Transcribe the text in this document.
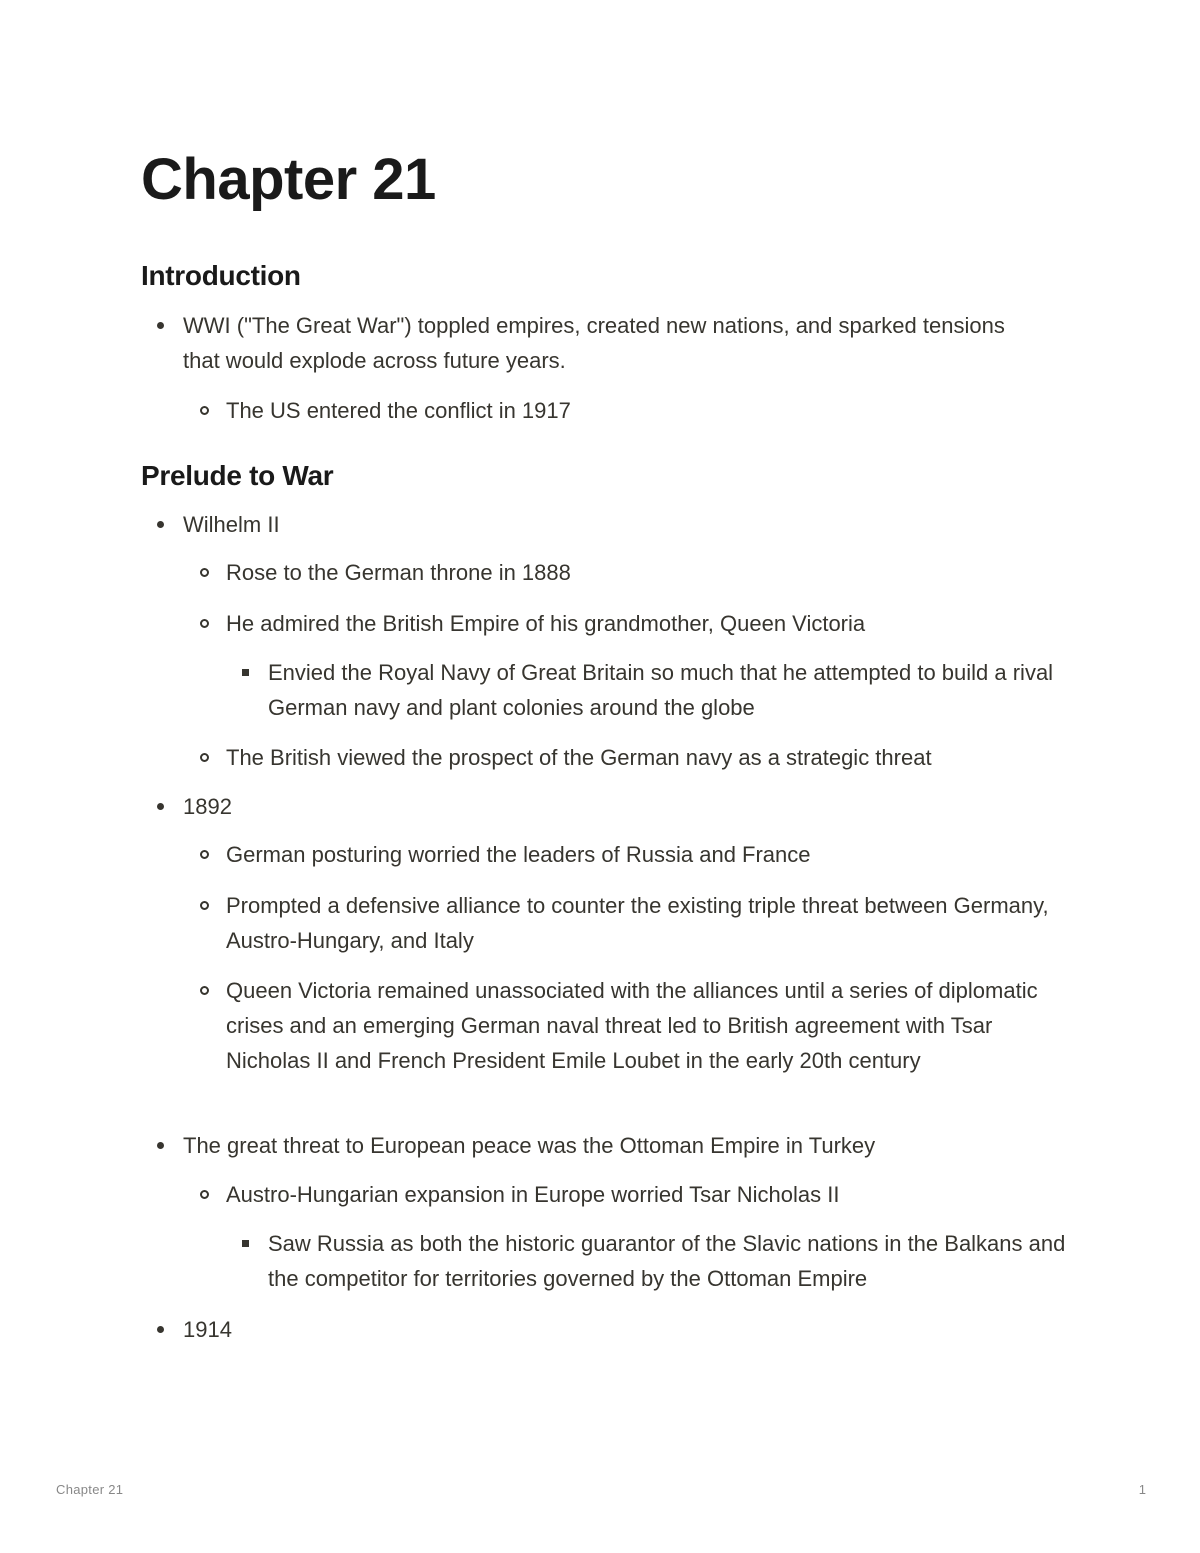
Chapter 21
Introduction
WWI ("The Great War") toppled empires, created new nations, and sparked tensions that would explode across future years.
The US entered the conflict in 1917
Prelude to War
Wilhelm II
Rose to the German throne in 1888
He admired the British Empire of his grandmother, Queen Victoria
Envied the Royal Navy of Great Britain so much that he attempted to build a rival German navy and plant colonies around the globe
The British viewed the prospect of the German navy as a strategic threat
1892
German posturing worried the leaders of Russia and France
Prompted a defensive alliance to counter the existing triple threat between Germany, Austro-Hungary, and Italy
Queen Victoria remained unassociated with the alliances until a series of diplomatic crises and an emerging German naval threat led to British agreement with Tsar Nicholas II and French President Emile Loubet in the early 20th century
The great threat to European peace was the Ottoman Empire in Turkey
Austro-Hungarian expansion in Europe worried Tsar Nicholas II
Saw Russia as both the historic guarantor of the Slavic nations in the Balkans and the competitor for territories governed by the Ottoman Empire
1914
Chapter 21	1
